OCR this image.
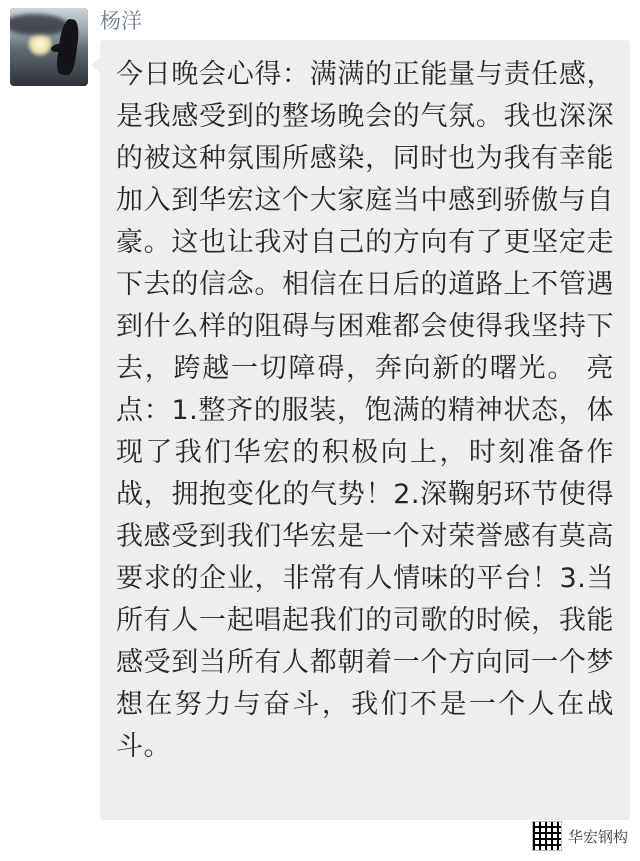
杨洋

今日晚会心得：满满的正能量与责任感，是我感受到的整场晚会的气氛。我也深深的被这种氛围所感染，同时也为我有幸能加入到华宏这个大家庭当中感到骄傲与自豪。这也让我对自己的方向有了更坚定走下去的信念。相信在日后的道路上不管遇到什么样的阻碍与困难都会使得我坚持下去，跨越一切障碍，奔向新的曙光。 亮点：1.整齐的服装，饱满的精神状态，体现了我们华宏的积极向上，时刻准备作战，拥抱变化的气势！2.深鞠躬环节使得我感受到我们华宏是一个对荣誉感有莫高要求的企业，非常有人情味的平台！3.当所有人一起唱起我们的司歌的时候，我能感受到当所有人都朝着一个方向同一个梦想在努力与奋斗，我们不是一个人在战斗。

华宏钢构
